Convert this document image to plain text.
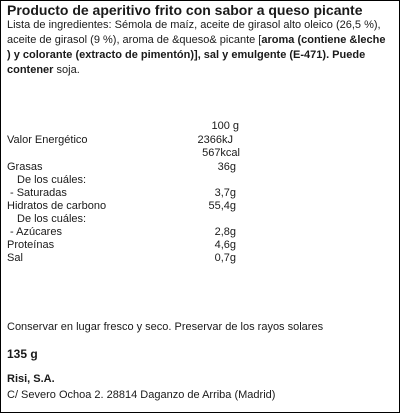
Producto de aperitivo frito con sabor a queso picante
Lista de ingredientes: Sémola de maíz, aceite de girasol alto oleico (26,5 %), aceite de girasol (9 %), aroma de &queso& picante [aroma (contiene &leche ) y colorante (extracto de pimentón)], sal y emulgente (E-471). Puede contener soja.
100 g
Valor Energético	2366kJ
567kcal
Grasas	36g
De los cuáles:
- Saturadas	3,7g
Hidratos de carbono	55,4g
De los cuáles:
- Azúcares	2,8g
Proteínas	4,6g
Sal	0,7g
Conservar en lugar fresco y seco. Preservar de los rayos solares
135 g
Risi, S.A.
C/ Severo Ochoa 2. 28814 Daganzo de Arriba (Madrid)
